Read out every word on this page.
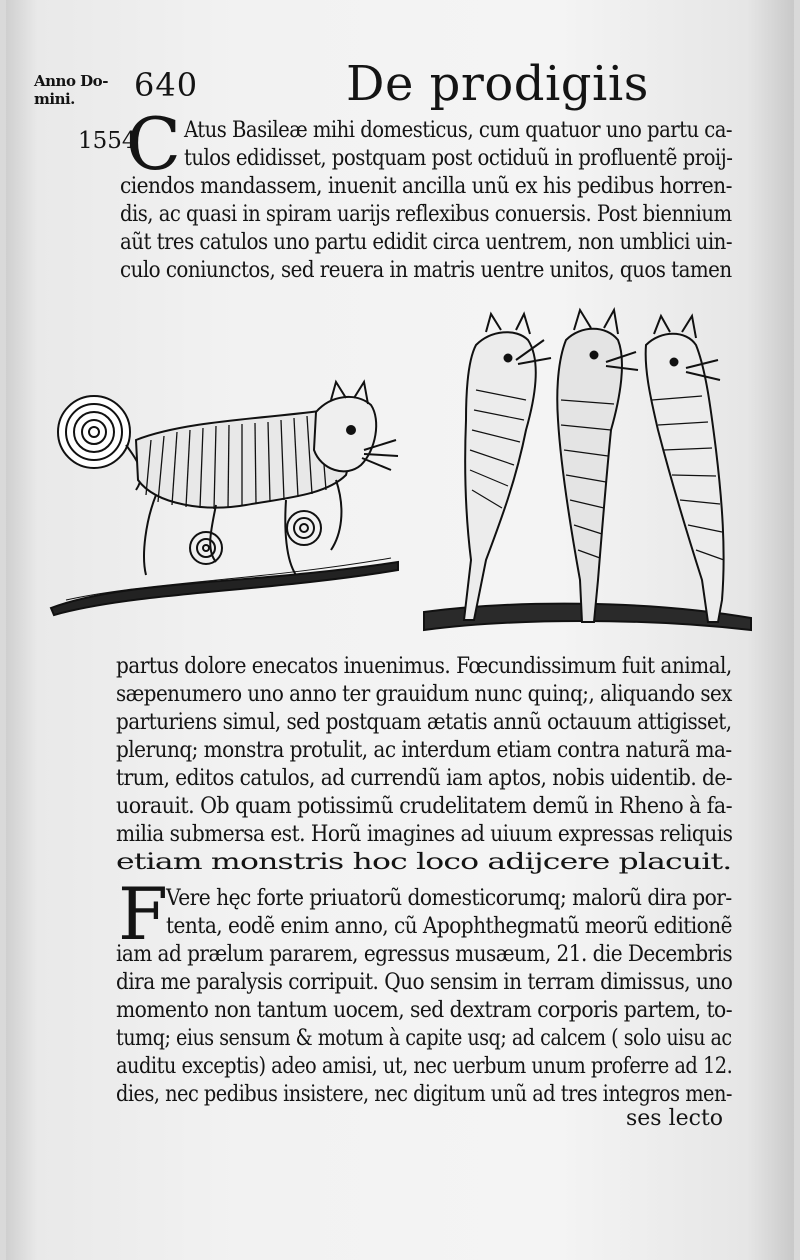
Anno Do-
mini.	640	De prodigiis
1554
C Atus Basileæ mihi domesticus, cum quatuor uno partu ca-
tulos edidisset, postquam post octiduũ in profluentẽ proij-
ciendos mandassem, inuenit ancilla unũ ex his pedibus horren-
dis, ac quasi in spiram uarijs reflexibus conuersis. Post biennium
aũt tres catulos uno partu edidit circa uentrem, non umblici uin-
culo coniunctos, sed reuera in matris uentre unitos, quos tamen
partus dolore enecatos inuenimus. Fœcundissimum fuit animal,
sæpenumero uno anno ter grauidum nunc quinq;, aliquando sex
parturiens simul, sed postquam ætatis annũ octauum attigisset,
plerunq; monstra protulit, ac interdum etiam contra naturã ma-
trum, editos catulos, ad currendũ iam aptos, nobis uidentib. de-
uorauit. Ob quam potissimũ crudelitatem demũ in Rheno à fa-
milia submersa est. Horũ imagines ad uiuum expressas reliquis
etiam monstris hoc loco adijcere placuit.
F
Vere hęc forte priuatorũ domesticorumq; malorũ dira por-
tenta, eodẽ enim anno, cũ Apophthegmatũ meorũ editionẽ
iam ad prælum pararem, egressus musæum, 21. die Decembris
dira me paralysis corripuit. Quo sensim in terram dimissus, uno
momento non tantum uocem, sed dextram corporis partem, to-
tumq; eius sensum & motum à capite usq; ad calcem ( solo uisu ac
auditu exceptis) adeo amisi, ut, nec uerbum unum proferre ad 12.
dies, nec pedibus insistere, nec digitum unũ ad tres integros men-
ses lecto
